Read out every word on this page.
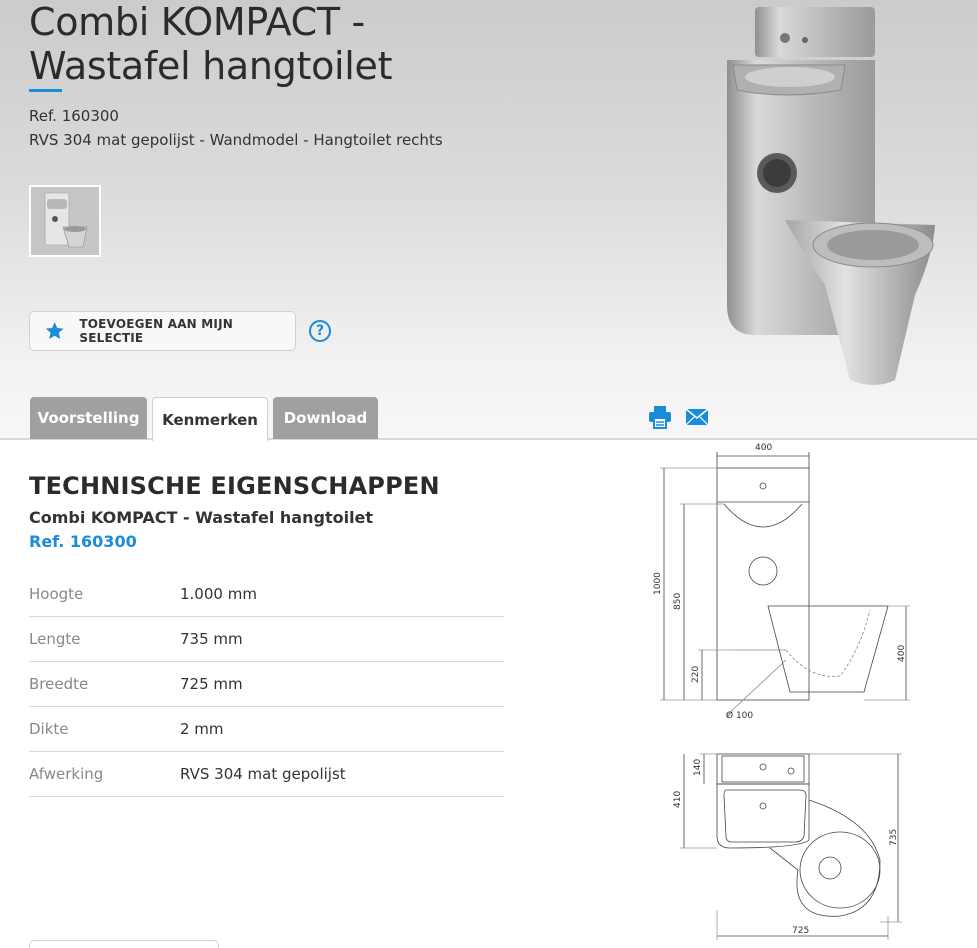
Combi KOMPACT -
Wastafel hangtoilet
Ref. 160300
RVS 304 mat gepolijst - Wandmodel - Hangtoilet rechts
TOEVOEGEN AAN MIJN SELECTIE	?
Voorstelling	Kenmerken	Download
TECHNISCHE EIGENSCHAPPEN
Combi KOMPACT - Wastafel hangtoilet
Ref. 160300
Hoogte	1.000 mm
Lengte	735 mm
Breedte	725 mm
Dikte	2 mm
Afwerking	RVS 304 mat gepolijst
400
1000
850
220
400
Ø 100
140
410
735
725
